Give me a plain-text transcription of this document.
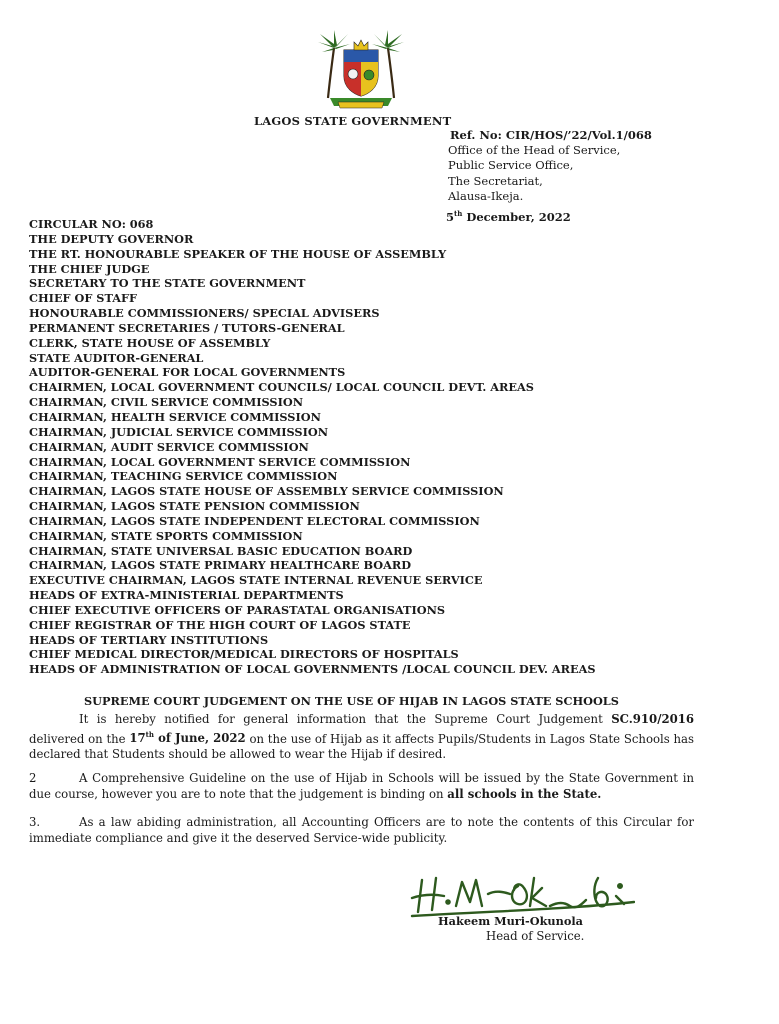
LAGOS STATE GOVERNMENT
Ref. No: CIR/HOS/’22/Vol.1/068
Office of the Head of Service,
Public Service Office,
The Secretariat,
Alausa-Ikeja.
5th December, 2022
CIRCULAR NO: 068
THE DEPUTY GOVERNOR
THE RT. HONOURABLE SPEAKER OF THE HOUSE OF ASSEMBLY
THE CHIEF JUDGE
SECRETARY TO THE STATE GOVERNMENT
CHIEF OF STAFF
HONOURABLE COMMISSIONERS/ SPECIAL ADVISERS
PERMANENT SECRETARIES / TUTORS-GENERAL
CLERK, STATE HOUSE OF ASSEMBLY
STATE AUDITOR-GENERAL
AUDITOR-GENERAL FOR LOCAL GOVERNMENTS
CHAIRMEN, LOCAL GOVERNMENT COUNCILS/ LOCAL COUNCIL DEVT. AREAS
CHAIRMAN, CIVIL SERVICE COMMISSION
CHAIRMAN, HEALTH SERVICE COMMISSION
CHAIRMAN, JUDICIAL SERVICE COMMISSION
CHAIRMAN, AUDIT SERVICE COMMISSION
CHAIRMAN, LOCAL GOVERNMENT SERVICE COMMISSION
CHAIRMAN, TEACHING SERVICE COMMISSION
CHAIRMAN, LAGOS STATE HOUSE OF ASSEMBLY SERVICE COMMISSION
CHAIRMAN, LAGOS STATE PENSION COMMISSION
CHAIRMAN, LAGOS STATE INDEPENDENT ELECTORAL COMMISSION
CHAIRMAN, STATE SPORTS COMMISSION
CHAIRMAN, STATE UNIVERSAL BASIC EDUCATION BOARD
CHAIRMAN, LAGOS STATE PRIMARY HEALTHCARE BOARD
EXECUTIVE CHAIRMAN, LAGOS STATE INTERNAL REVENUE SERVICE
HEADS OF EXTRA-MINISTERIAL DEPARTMENTS
CHIEF EXECUTIVE OFFICERS OF PARASTATAL ORGANISATIONS
CHIEF REGISTRAR OF THE HIGH COURT OF LAGOS STATE
HEADS OF TERTIARY INSTITUTIONS
CHIEF MEDICAL DIRECTOR/MEDICAL DIRECTORS OF HOSPITALS
HEADS OF ADMINISTRATION OF LOCAL GOVERNMENTS /LOCAL COUNCIL DEV. AREAS
SUPREME COURT JUDGEMENT ON THE USE OF HIJAB IN LAGOS STATE SCHOOLS
It is hereby notified for general information that the Supreme Court Judgement SC.910/2016 delivered on the 17th of June, 2022 on the use of Hijab as it affects Pupils/Students in Lagos State Schools has declared that Students should be allowed to wear the Hijab if desired.
2	A Comprehensive Guideline on the use of Hijab in Schools will be issued by the State Government in due course, however you are to note that the judgement is binding on all schools in the State.
3.	As a law abiding administration, all Accounting Officers are to note the contents of this Circular for immediate compliance and give it the deserved Service-wide publicity.
Hakeem Muri-Okunola
Head of Service.
